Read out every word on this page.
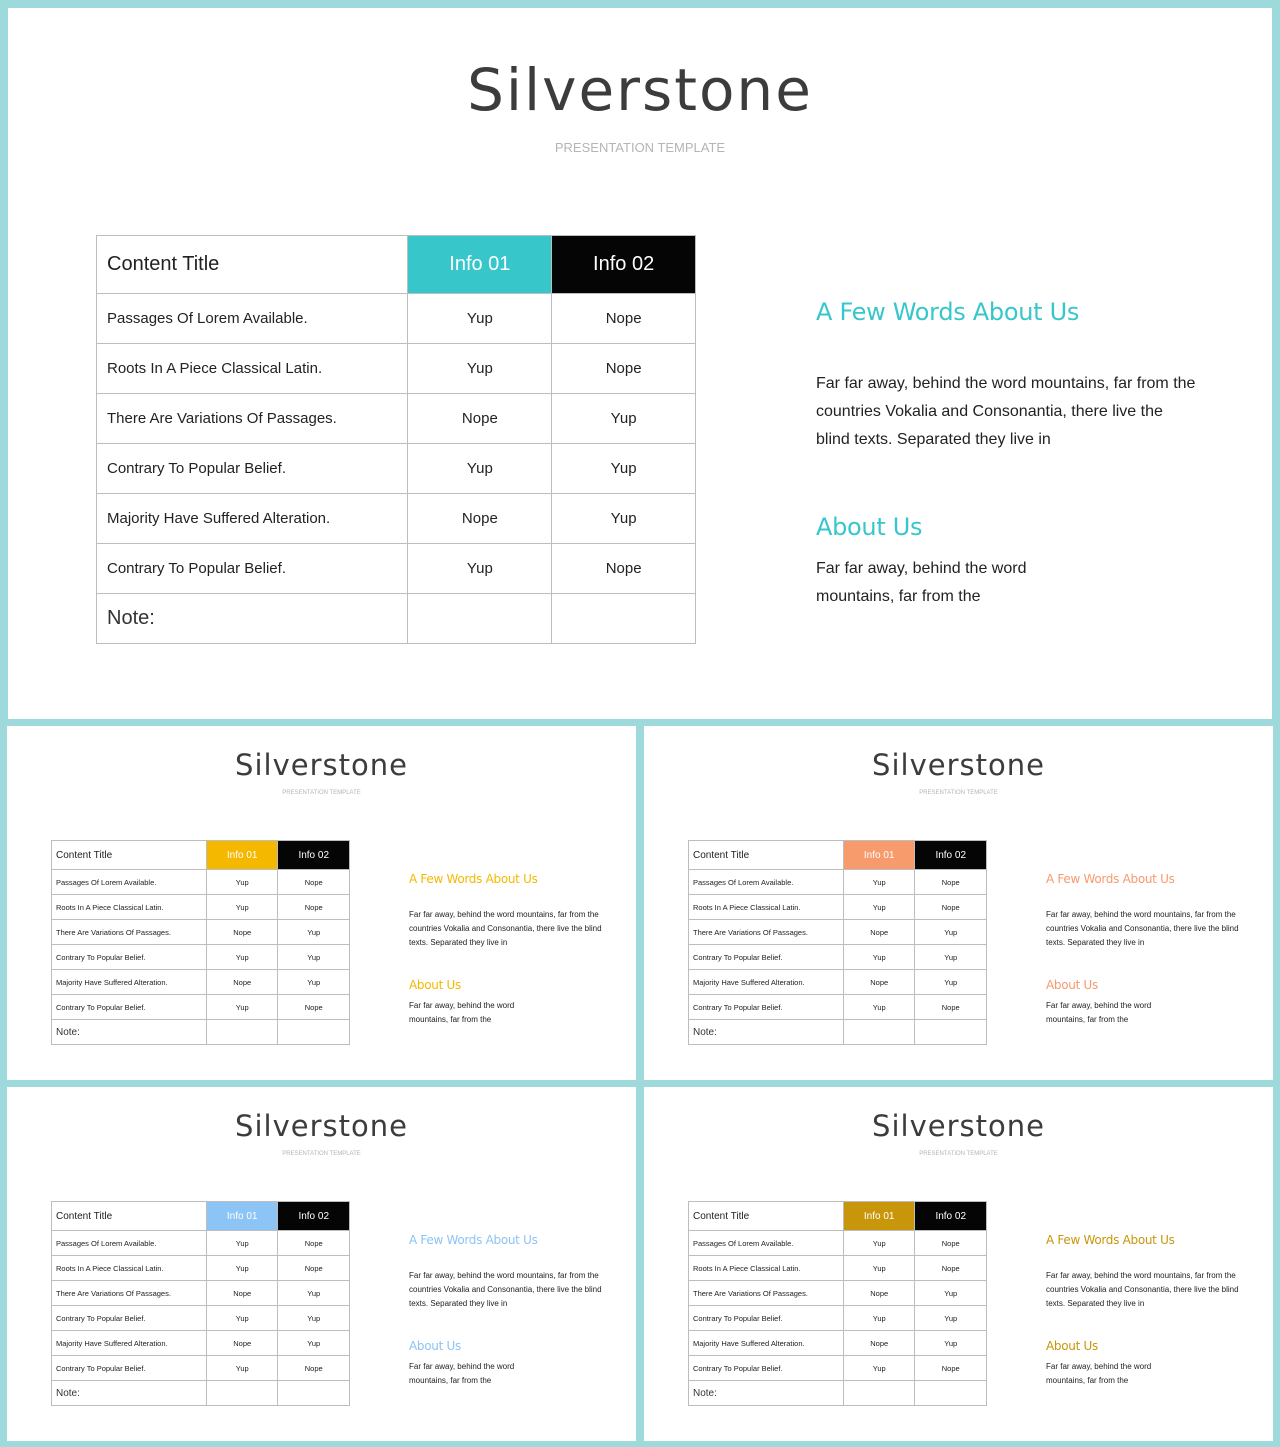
Silverstone
PRESENTATION TEMPLATE
Content Title	Info 01	Info 02
Passages Of Lorem Available.	Yup	Nope
Roots In A Piece Classical Latin.	Yup	Nope
There Are Variations Of Passages.	Nope	Yup
Contrary To Popular Belief.	Yup	Yup
Majority Have Suffered Alteration.	Nope	Yup
Contrary To Popular Belief.	Yup	Nope
Note:		
A Few Words About Us

Far far away, behind the word mountains, far from the countries Vokalia and Consonantia, there live the blind texts. Separated they live in

About Us

Far far away, behind the word mountains, far from the

Silverstone
PRESENTATION TEMPLATE
Content Title	Info 01	Info 02
Passages Of Lorem Available.	Yup	Nope
Roots In A Piece Classical Latin.	Yup	Nope
There Are Variations Of Passages.	Nope	Yup
Contrary To Popular Belief.	Yup	Yup
Majority Have Suffered Alteration.	Nope	Yup
Contrary To Popular Belief.	Yup	Nope
Note:		
A Few Words About Us

Far far away, behind the word mountains, far from the countries Vokalia and Consonantia, there live the blind texts. Separated they live in

About Us

Far far away, behind the word mountains, far from the

Silverstone
PRESENTATION TEMPLATE
Content Title	Info 01	Info 02
Passages Of Lorem Available.	Yup	Nope
Roots In A Piece Classical Latin.	Yup	Nope
There Are Variations Of Passages.	Nope	Yup
Contrary To Popular Belief.	Yup	Yup
Majority Have Suffered Alteration.	Nope	Yup
Contrary To Popular Belief.	Yup	Nope
Note:		
A Few Words About Us

Far far away, behind the word mountains, far from the countries Vokalia and Consonantia, there live the blind texts. Separated they live in

About Us

Far far away, behind the word mountains, far from the

Silverstone
PRESENTATION TEMPLATE
Content Title	Info 01	Info 02
Passages Of Lorem Available.	Yup	Nope
Roots In A Piece Classical Latin.	Yup	Nope
There Are Variations Of Passages.	Nope	Yup
Contrary To Popular Belief.	Yup	Yup
Majority Have Suffered Alteration.	Nope	Yup
Contrary To Popular Belief.	Yup	Nope
Note:		
A Few Words About Us

Far far away, behind the word mountains, far from the countries Vokalia and Consonantia, there live the blind texts. Separated they live in

About Us

Far far away, behind the word mountains, far from the

Silverstone
PRESENTATION TEMPLATE
Content Title	Info 01	Info 02
Passages Of Lorem Available.	Yup	Nope
Roots In A Piece Classical Latin.	Yup	Nope
There Are Variations Of Passages.	Nope	Yup
Contrary To Popular Belief.	Yup	Yup
Majority Have Suffered Alteration.	Nope	Yup
Contrary To Popular Belief.	Yup	Nope
Note:		
A Few Words About Us

Far far away, behind the word mountains, far from the countries Vokalia and Consonantia, there live the blind texts. Separated they live in

About Us

Far far away, behind the word mountains, far from the
